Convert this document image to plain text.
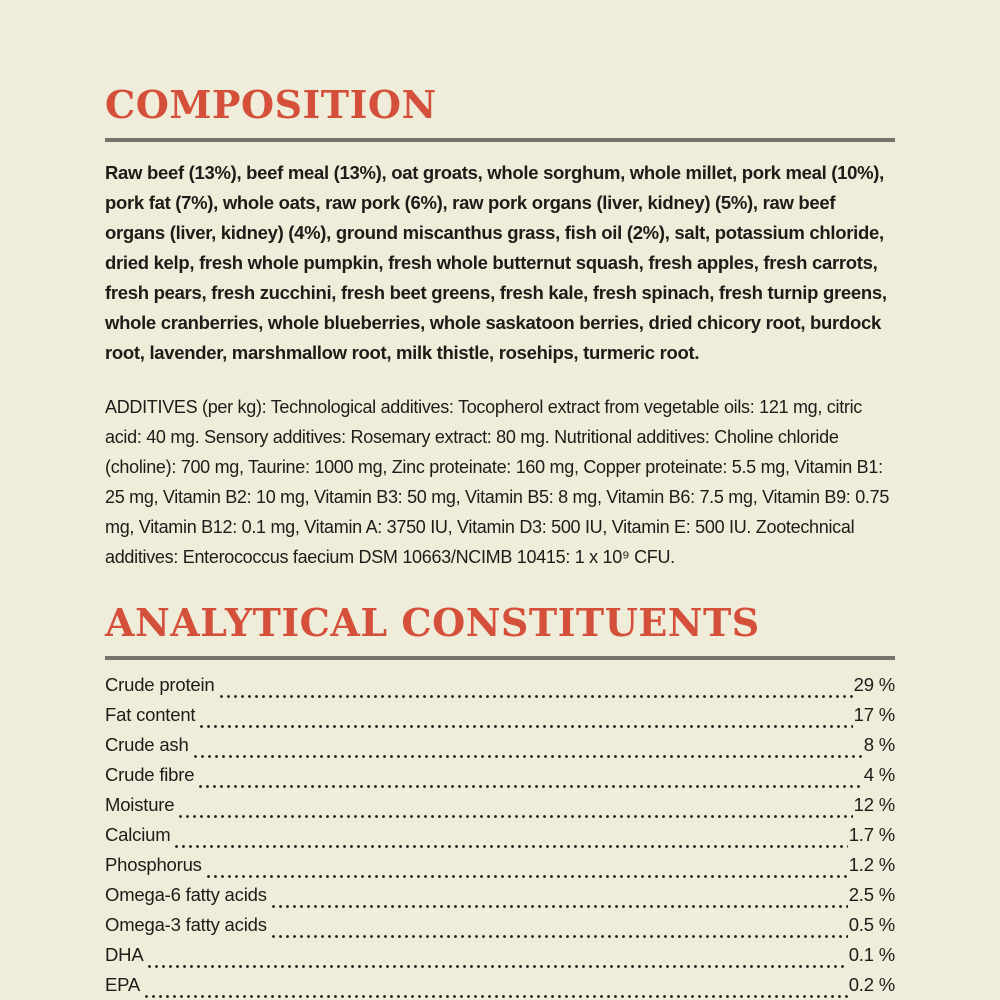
COMPOSITION

Raw beef (13%), beef meal (13%), oat groats, whole sorghum, whole millet, pork meal (10%), pork fat (7%), whole oats, raw pork (6%), raw pork organs (liver, kidney) (5%), raw beef organs (liver, kidney) (4%), ground miscanthus grass, fish oil (2%), salt, potassium chloride, dried kelp, fresh whole pumpkin, fresh whole butternut squash, fresh apples, fresh carrots, fresh pears, fresh zucchini, fresh beet greens, fresh kale, fresh spinach, fresh turnip greens, whole cranberries, whole blueberries, whole saskatoon berries, dried chicory root, burdock root, lavender, marshmallow root, milk thistle, rosehips, turmeric root.

ADDITIVES (per kg): Technological additives: Tocopherol extract from vegetable oils: 121 mg, citric acid: 40 mg. Sensory additives: Rosemary extract: 80 mg. Nutritional additives: Choline chloride (choline): 700 mg, Taurine: 1000 mg, Zinc proteinate: 160 mg, Copper proteinate: 5.5 mg, Vitamin B1: 25 mg, Vitamin B2: 10 mg, Vitamin B3: 50 mg, Vitamin B5: 8 mg, Vitamin B6: 7.5 mg, Vitamin B9: 0.75 mg, Vitamin B12: 0.1 mg, Vitamin A: 3750 IU, Vitamin D3: 500 IU, Vitamin E: 500 IU. Zootechnical additives: Enterococcus faecium DSM 10663/NCIMB 10415: 1 x 10⁹ CFU.

ANALYTICAL CONSTITUENTS
Crude protein	29 %
Fat content	17 %
Crude ash	8 %
Crude fibre	4 %
Moisture	12 %
Calcium	1.7 %
Phosphorus	1.2 %
Omega-6 fatty acids	2.5 %
Omega-3 fatty acids	0.5 %
DHA	0.1 %
EPA	0.2 %
